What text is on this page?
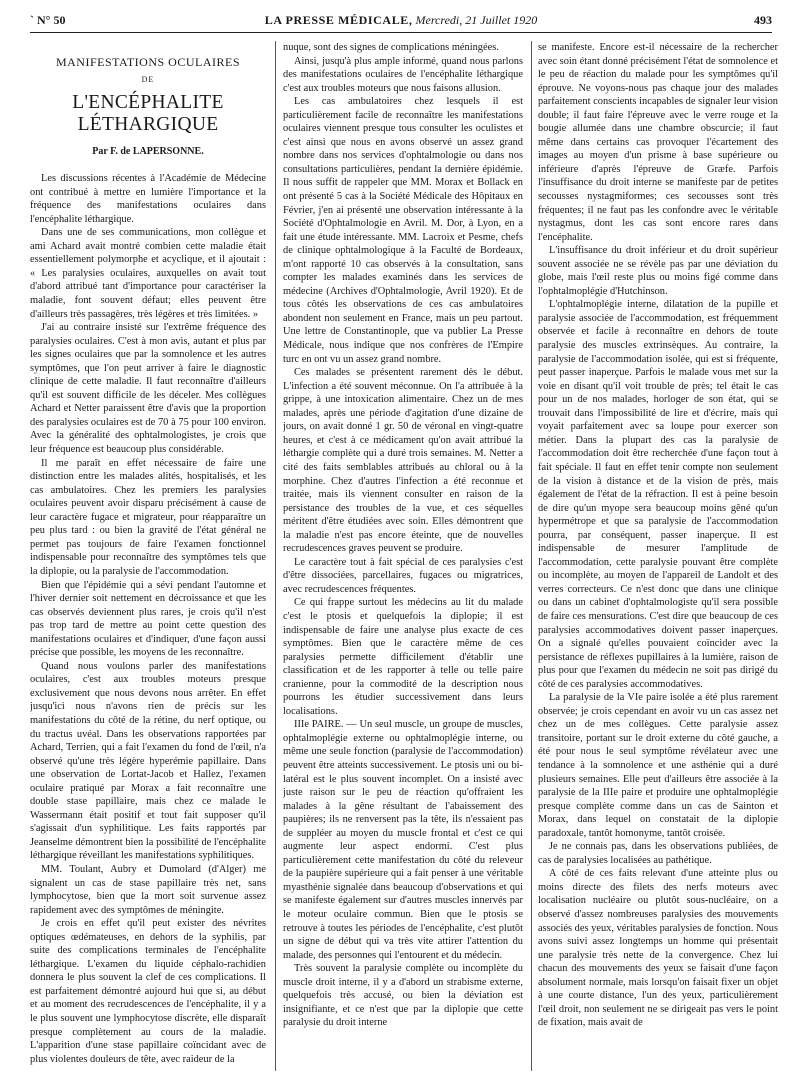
ˋ N° 50	LA PRESSE MÉDICALE, Mercredi, 21 Juillet 1920	493
MANIFESTATIONS OCULAIRES
DE
L'ENCÉPHALITE LÉTHARGIQUE
Par F. de LAPERSONNE.

Les discussions récentes à l'Académie de Médecine ont contribué à mettre en lumière l'importance et la fréquence des manifestations oculaires dans l'encéphalite léthargique.

Dans une de ses communications, mon collègue et ami Achard avait montré combien cette maladie était essentiellement polymorphe et acyclique, et il ajoutait : « Les paralysies oculaires, auxquelles on avait tout d'abord attribué tant d'importance pour caractériser la maladie, font souvent défaut; elles peuvent être d'ailleurs très passagères, très légères et très limitées. »

J'ai au contraire insisté sur l'extrême fréquence des paralysies oculaires. C'est à mon avis, autant et plus par les signes oculaires que par la somnolence et les autres symptômes, que l'on peut arriver à faire le diagnostic clinique de cette maladie. Il faut reconnaître d'ailleurs qu'il est souvent difficile de les déceler. Mes collègues Achard et Netter paraissent être d'avis que la proportion des paralysies oculaires est de 70 à 75 pour 100 environ. Avec la généralité des ophtalmologistes, je crois que leur fréquence est beaucoup plus considérable.

Il me paraît en effet nécessaire de faire une distinction entre les malades alités, hospitalisés, et les cas ambulatoires. Chez les premiers les paralysies oculaires peuvent avoir disparu précisément à cause de leur caractère fugace et migrateur, pour réapparaître un peu plus tard : ou bien la gravité de l'état général ne permet pas toujours de faire l'examen fonctionnel indispensable pour reconnaître des symptômes tels que la diplopie, ou la paralysie de l'accommodation.

Bien que l'épidémie qui a sévi pendant l'automne et l'hiver dernier soit nettement en décroissance et que les cas observés deviennent plus rares, je crois qu'il n'est pas trop tard de mettre au point cette question des manifestations oculaires et d'indiquer, d'une façon aussi précise que possible, les moyens de les reconnaître.

Quand nous voulons parler des manifestations oculaires, c'est aux troubles moteurs presque exclusivement que nous devons nous arrêter. En effet jusqu'ici nous n'avons rien de précis sur les manifestations du côté de la rétine, du nerf optique, ou du tractus uvéal. Dans les observations rapportées par Achard, Terrien, qui a fait l'examen du fond de l'œil, n'a observé qu'une très légère hyperémie papillaire. Dans une observation de Lortat-Jacob et Hallez, l'examen oculaire pratiqué par Morax a fait reconnaître une double stase papillaire, mais chez ce malade le Wassermann était positif et tout fait supposer qu'il s'agissait d'un syphilitique. Les faits rapportés par Jeanselme démontrent bien la possibilité de l'encéphalite léthargique réveillant les manifestations syphilitiques.

MM. Toulant, Aubry et Dumolard (d'Alger) me signalent un cas de stase papillaire très net, sans lymphocytose, bien que la mort soit survenue assez rapidement avec des symptômes de méningite.

Je crois en effet qu'il peut exister des névrites optiques œdémateuses, en dehors de la syphilis, par suite des complications terminales de l'encéphalite léthargique. L'examen du liquide céphalo-rachidien donnera le plus souvent la clef de ces complications. Il est parfaitement démontré aujourd hui que si, au début et au moment des recrudescences de l'encéphalite, il y a le plus souvent une lymphocytose discrète, elle disparaît presque complètement au cours de la maladie. L'apparition d'une stase papillaire coïncidant avec de plus violentes douleurs de tête, avec raideur de la

nuque, sont des signes de complications méningées.

Ainsi, jusqu'à plus ample informé, quand nous parlons des manifestations oculaires de l'encéphalite léthargique c'est aux troubles moteurs que nous faisons allusion.

Les cas ambulatoires chez lesquels il est particulièrement facile de reconnaître les manifestations oculaires viennent presque tous consulter les oculistes et c'est ainsi que nous en avons observé un assez grand nombre dans nos services d'ophtalmologie ou dans nos consultations particulières, pendant la dernière épidémie. Il nous suffit de rappeler que MM. Morax et Bollack en ont présenté 5 cas à la Société Médicale des Hôpitaux en Février, j'en ai présenté une observation intéressante à la Société d'Ophtalmologie en Avril. M. Dor, à Lyon, en a fait une étude intéressante. MM. Lacroix et Pesme, chefs de clinique ophtalmologique à la Faculté de Bordeaux, m'ont rapporté 10 cas observés à la consultation, sans compter les malades examinés dans les services de médecine (Archives d'Ophtalmologie, Avril 1920). Et de tous côtés les observations de ces cas ambulatoires abondent non seulement en France, mais un peu partout. Une lettre de Constantinople, que va publier La Presse Médicale, nous indique que nos confrères de l'Empire turc en ont vu un assez grand nombre.

Ces malades se présentent rarement dès le début. L'infection a été souvent méconnue. On l'a attribuée à la grippe, à une intoxication alimentaire. Chez un de mes malades, après une période d'agitation d'une dizaine de jours, on avait donné 1 gr. 50 de véronal en vingt-quatre heures, et c'est à ce médicament qu'on avait attribué la léthargie complète qui a duré trois semaines. M. Netter a cité des faits semblables attribués au chloral ou à la morphine. Chez d'autres l'infection a été reconnue et traitée, mais ils viennent consulter en raison de la persistance des troubles de la vue, et ces séquelles méritent d'être étudiées avec soin. Elles démontrent que la maladie n'est pas encore éteinte, que de nouvelles recrudescences graves peuvent se produire.

Le caractère tout à fait spécial de ces paralysies c'est d'être dissociées, parcellaires, fugaces ou migratrices, avec recrudescences fréquentes.

Ce qui frappe surtout les médecins au lit du malade c'est le ptosis et quelquefois la diplopie; il est indispensable de faire une analyse plus exacte de ces symptômes. Bien que le caractère même de ces paralysies permette difficilement d'établir une classification et de les rapporter à telle ou telle paire cranienne, pour la commodité de la description nous pourrons les étudier successivement dans leurs localisations.

IIIe PAIRE. — Un seul muscle, un groupe de muscles, ophtalmoplégie externe ou ophtalmoplégie interne, ou même une seule fonction (paralysie de l'accommodation) peuvent être atteints successivement. Le ptosis uni ou bi-latéral est le plus souvent incomplet. On a insisté avec juste raison sur le peu de réaction qu'offraient les malades à la gêne résultant de l'abaissement des paupières; ils ne renversent pas la tête, ils n'essaient pas de suppléer au moyen du muscle frontal et c'est ce qui augmente leur aspect endormi. C'est plus particulièrement cette manifestation du côté du releveur de la paupière supérieure qui a fait penser à une véritable myasthénie signalée dans beaucoup d'observations et qui se manifeste également sur d'autres muscles innervés par le moteur oculaire commun. Bien que le ptosis se retrouve à toutes les périodes de l'encéphalite, c'est plutôt un signe de début qui va très vite attirer l'attention du malade, des personnes qui l'entourent et du médecin.

Très souvent la paralysie complète ou incomplète du muscle droit interne, il y a d'abord un strabisme externe, quelquefois très accusé, ou bien la déviation est insignifiante, et ce n'est que par la diplopie que cette paralysie du droit interne

se manifeste. Encore est-il nécessaire de la rechercher avec soin étant donné précisément l'état de somnolence et le peu de réaction du malade pour les symptômes qu'il éprouve. Ne voyons-nous pas chaque jour des malades parfaitement conscients incapables de signaler leur vision double; il faut faire l'épreuve avec le verre rouge et la bougie allumée dans une chambre obscurcie; il faut même dans certains cas provoquer l'écartement des images au moyen d'un prisme à base supérieure ou inférieure d'après l'épreuve de Græfe. Parfois l'insuffisance du droit interne se manifeste par de petites secousses nystagmiformes; ces secousses sont très fréquentes; il ne faut pas les confondre avec le véritable nystagmus, dont les cas sont encore rares dans l'encéphalite.

L'insuffisance du droit inférieur et du droit supérieur souvent associée ne se révèle pas par une déviation du globe, mais l'œil reste plus ou moins figé comme dans l'ophtalmoplégie d'Hutchinson.

L'ophtalmoplégie interne, dilatation de la pupille et paralysie associée de l'accommodation, est fréquemment observée et facile à reconnaître en dehors de toute paralysie des muscles extrinsèques. Au contraire, la paralysie de l'accommodation isolée, qui est si fréquente, peut passer inaperçue. Parfois le malade vous met sur la voie en disant qu'il voit trouble de près; tel était le cas pour un de nos malades, horloger de son état, qui se trouvait dans l'impossibilité de lire et d'écrire, mais qui voyait parfaitement avec sa loupe pour exercer son métier. Dans la plupart des cas la paralysie de l'accommodation doit être recherchée d'une façon tout à fait spéciale. Il faut en effet tenir compte non seulement de la vision à distance et de la vision de près, mais également de l'état de la réfraction. Il est à peine besoin de dire qu'un myope sera beaucoup moins gêné qu'un hypermétrope et que sa paralysie de l'accommodation pourra, par conséquent, passer inaperçue. Il est indispensable de mesurer l'amplitude de l'accommodation, cette paralysie pouvant être complète ou incomplète, au moyen de l'appareil de Landolt et des verres correcteurs. Ce n'est donc que dans une clinique ou dans un cabinet d'ophtalmologiste qu'il sera possible de faire ces mensurations. C'est dire que beaucoup de ces paralysies accommodatives doivent passer inaperçues. On a signalé qu'elles pouvaient coïncider avec la persistance de réflexes pupillaires à la lumière, raison de plus pour que l'examen du médecin ne soit pas dirigé du côté de ces paralysies accommodatives.

La paralysie de la VIe paire isolée a été plus rarement observée; je crois cependant en avoir vu un cas assez net chez un de mes collègues. Cette paralysie assez transitoire, portant sur le droit externe du côté gauche, a été pour nous le seul symptôme révélateur avec une tendance à la somnolence et une asthénie qui a duré plusieurs semaines. Elle peut d'ailleurs être associée à la paralysie de la IIIe paire et produire une ophtalmoplégie presque complète comme dans un cas de Sainton et Morax, dans lequel on constatait de la diplopie paradoxale, tantôt homonyme, tantôt croisée.

Je ne connais pas, dans les observations publiées, de cas de paralysies localisées au pathétique.

A côté de ces faits relevant d'une atteinte plus ou moins directe des filets des nerfs moteurs avec localisation nucléaire ou plutôt sous-nucléaire, on a observé d'assez nombreuses paralysies des mouvements associés des yeux, véritables paralysies de fonction. Nous avons suivi assez longtemps un homme qui présentait une paralysie très nette de la convergence. Chez lui chacun des mouvements des yeux se faisait d'une façon absolument normale, mais lorsqu'on faisait fixer un objet à une courte distance, l'un des yeux, particulièrement l'œil droit, non seulement ne se dirigeait pas vers le point de fixation, mais avait de
